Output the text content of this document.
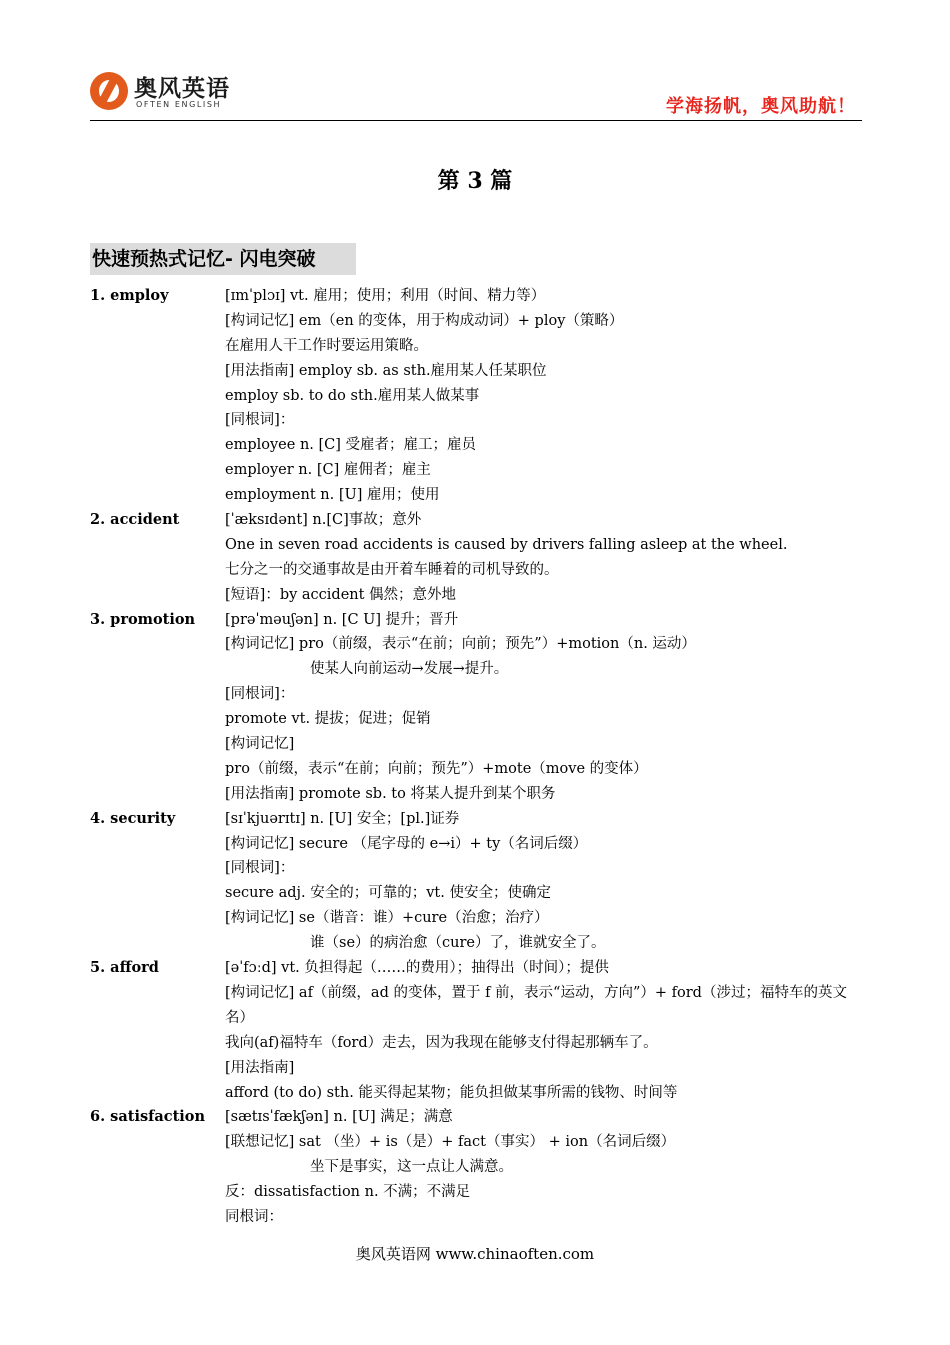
奥风英语
OFTEN ENGLISH	学海扬帆，奥风助航！
第 3 篇
快速预热式记忆- 闪电突破
1. employ	[ɪmˈplɔɪ] vt. 雇用；使用；利用（时间、精力等）
[构词记忆] em（en 的变体，用于构成动词）+ ploy（策略）
在雇用人干工作时要运用策略。
[用法指南] employ sb. as sth.雇用某人任某职位
employ sb. to do sth.雇用某人做某事
[同根词]：
employee n. [C] 受雇者；雇工；雇员
employer n. [C] 雇佣者；雇主
employment n. [U] 雇用；使用
2. accident	[ˈæksɪdənt] n.[C]事故；意外
One in seven road accidents is caused by drivers falling asleep at the wheel.
七分之一的交通事故是由开着车睡着的司机导致的。
[短语]：by accident 偶然；意外地
3. promotion [prəˈməuʃən] n. [C U] 提升；晋升
[构词记忆] pro（前缀，表示“在前；向前；预先”）+motion（n. 运动）
使某人向前运动→发展→提升。
[同根词]：
promote vt. 提拔；促进；促销
[构词记忆]
pro（前缀，表示“在前；向前；预先”）+mote（move 的变体）
[用法指南] promote sb. to 将某人提升到某个职务
4. security	[sɪˈkjuərɪtɪ] n. [U] 安全；[pl.]证券
[构词记忆] secure （尾字母的 e→i）+ ty（名词后缀）
[同根词]：
secure adj. 安全的；可靠的；vt. 使安全；使确定
[构词记忆] se（谐音：谁）+cure（治愈；治疗）
谁（se）的病治愈（cure）了，谁就安全了。
5. afford	[əˈfɔːd] vt. 负担得起（……的费用）；抽得出（时间）；提供
[构词记忆] af（前缀，ad 的变体，置于 f 前，表示“运动，方向”）+ ford（涉过；福特车的英文名）
我向(af)福特车（ford）走去，因为我现在能够支付得起那辆车了。
[用法指南]
afford (to do) sth. 能买得起某物；能负担做某事所需的钱物、时间等
6. satisfaction [sætɪsˈfækʃən] n. [U] 满足；满意
[联想记忆] sat （坐）+ is（是）+ fact（事实） + ion（名词后缀）
坐下是事实，这一点让人满意。
反：dissatisfaction n. 不满；不满足
同根词：
奥风英语网 www.chinaoften.com
